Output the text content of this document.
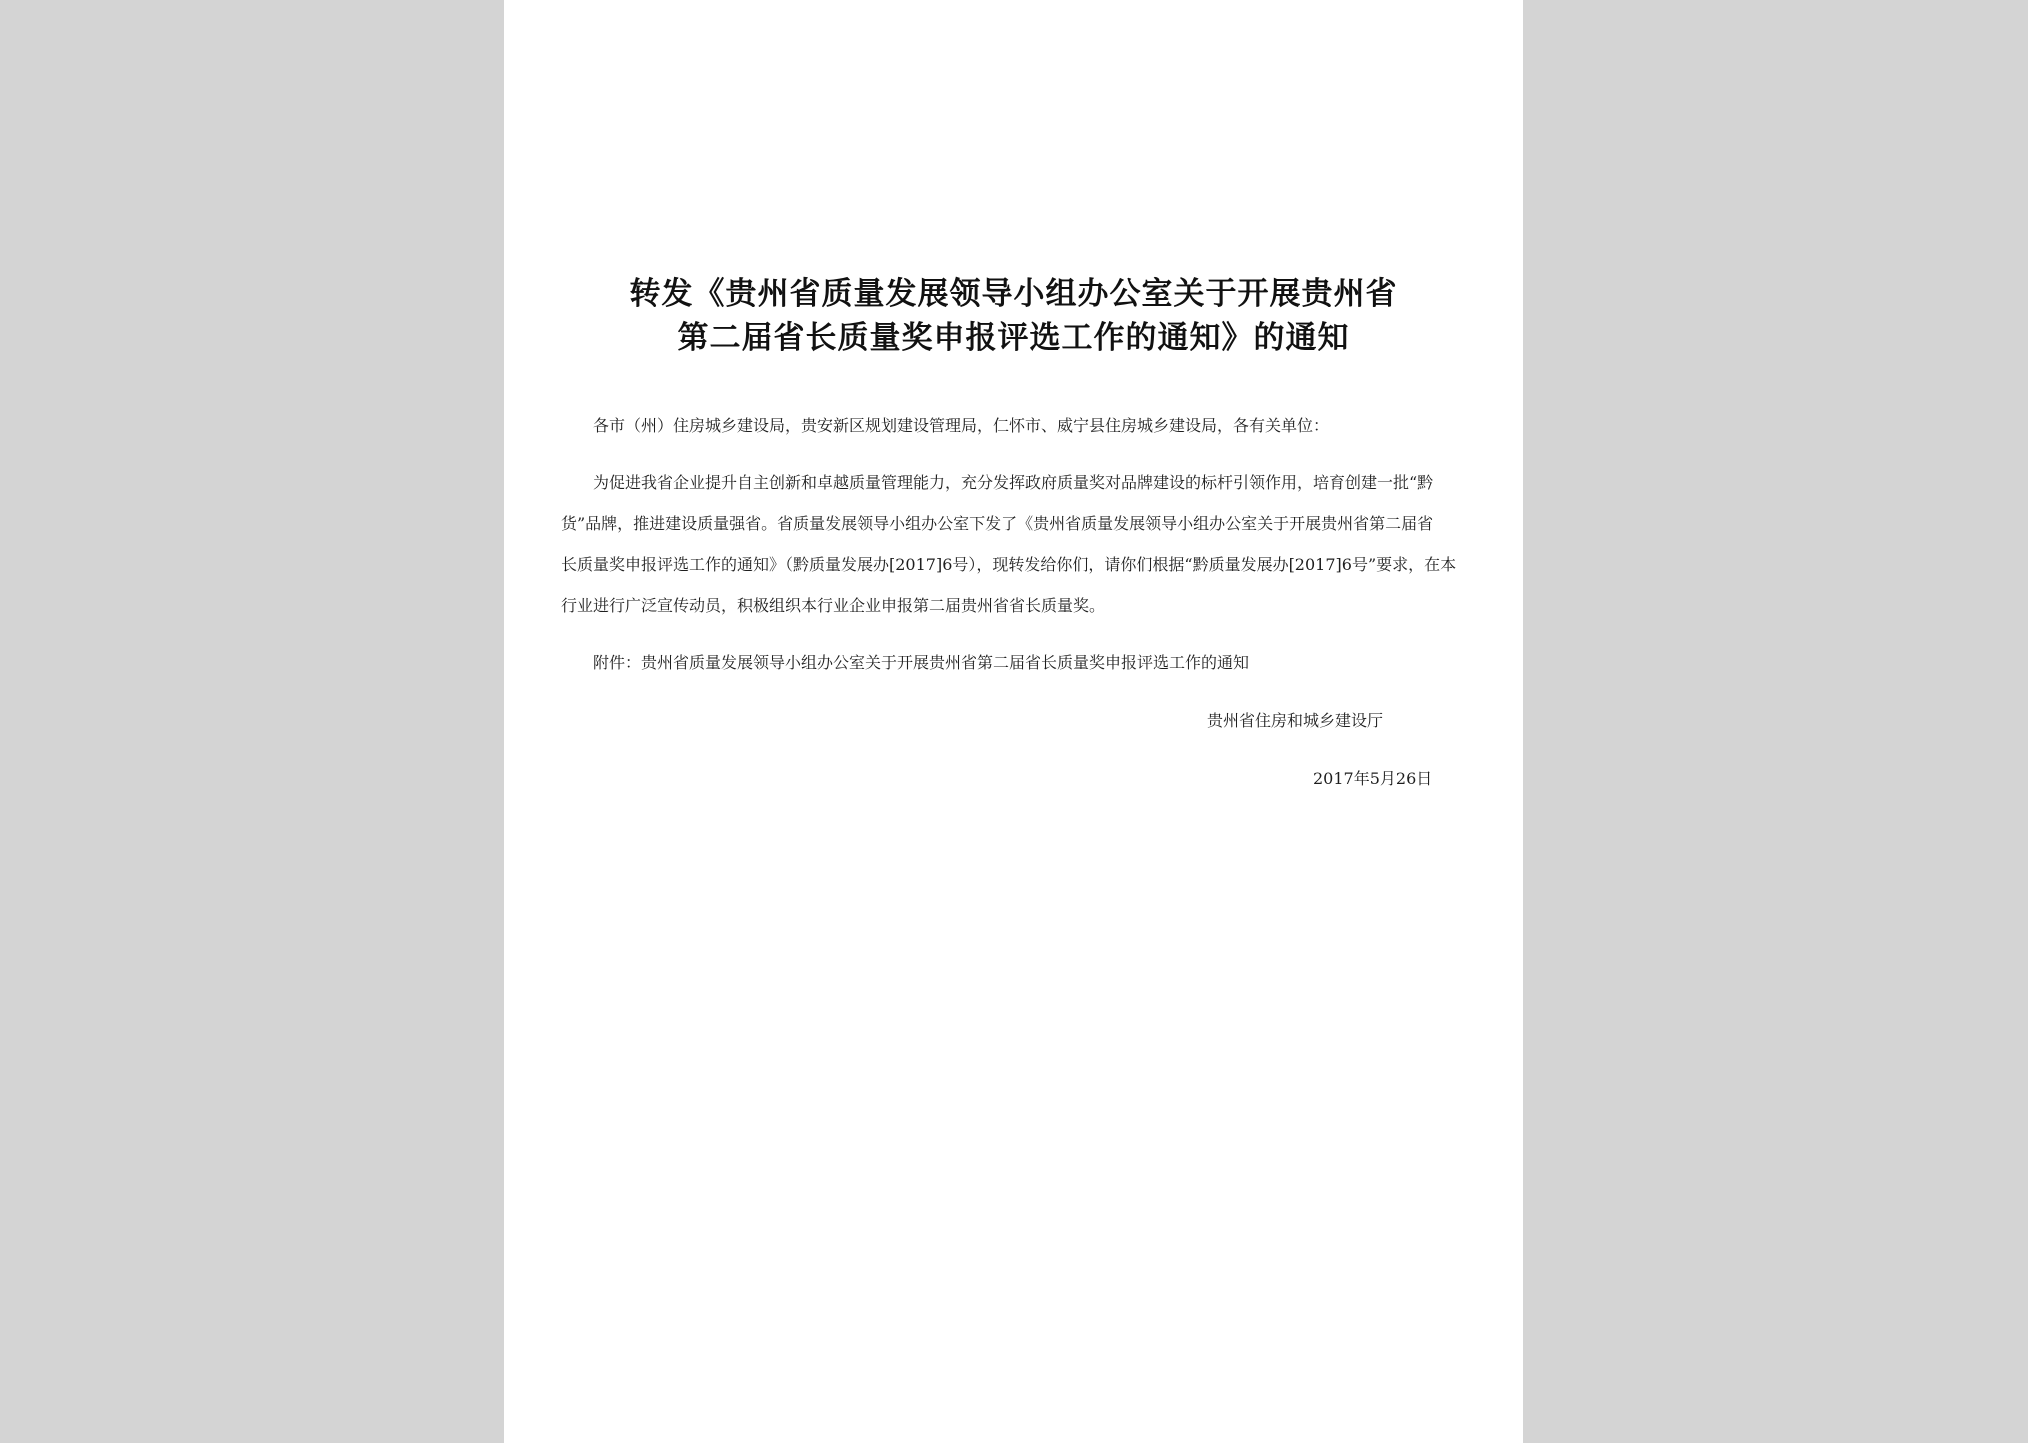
转发《贵州省质量发展领导小组办公室关于开展贵州省
第二届省长质量奖申报评选工作的通知》的通知
各市（州）住房城乡建设局，贵安新区规划建设管理局，仁怀市、威宁县住房城乡建设局，各有关单位：
为促进我省企业提升自主创新和卓越质量管理能力，充分发挥政府质量奖对品牌建设的标杆引领作用，培育创建一批“黔
货”品牌，推进建设质量强省。省质量发展领导小组办公室下发了《贵州省质量发展领导小组办公室关于开展贵州省第二届省
长质量奖申报评选工作的通知》（黔质量发展办[2017]6号），现转发给你们，请你们根据“黔质量发展办[2017]6号”要求，在本
行业进行广泛宣传动员，积极组织本行业企业申报第二届贵州省省长质量奖。
附件：贵州省质量发展领导小组办公室关于开展贵州省第二届省长质量奖申报评选工作的通知
贵州省住房和城乡建设厅
2017年5月26日
